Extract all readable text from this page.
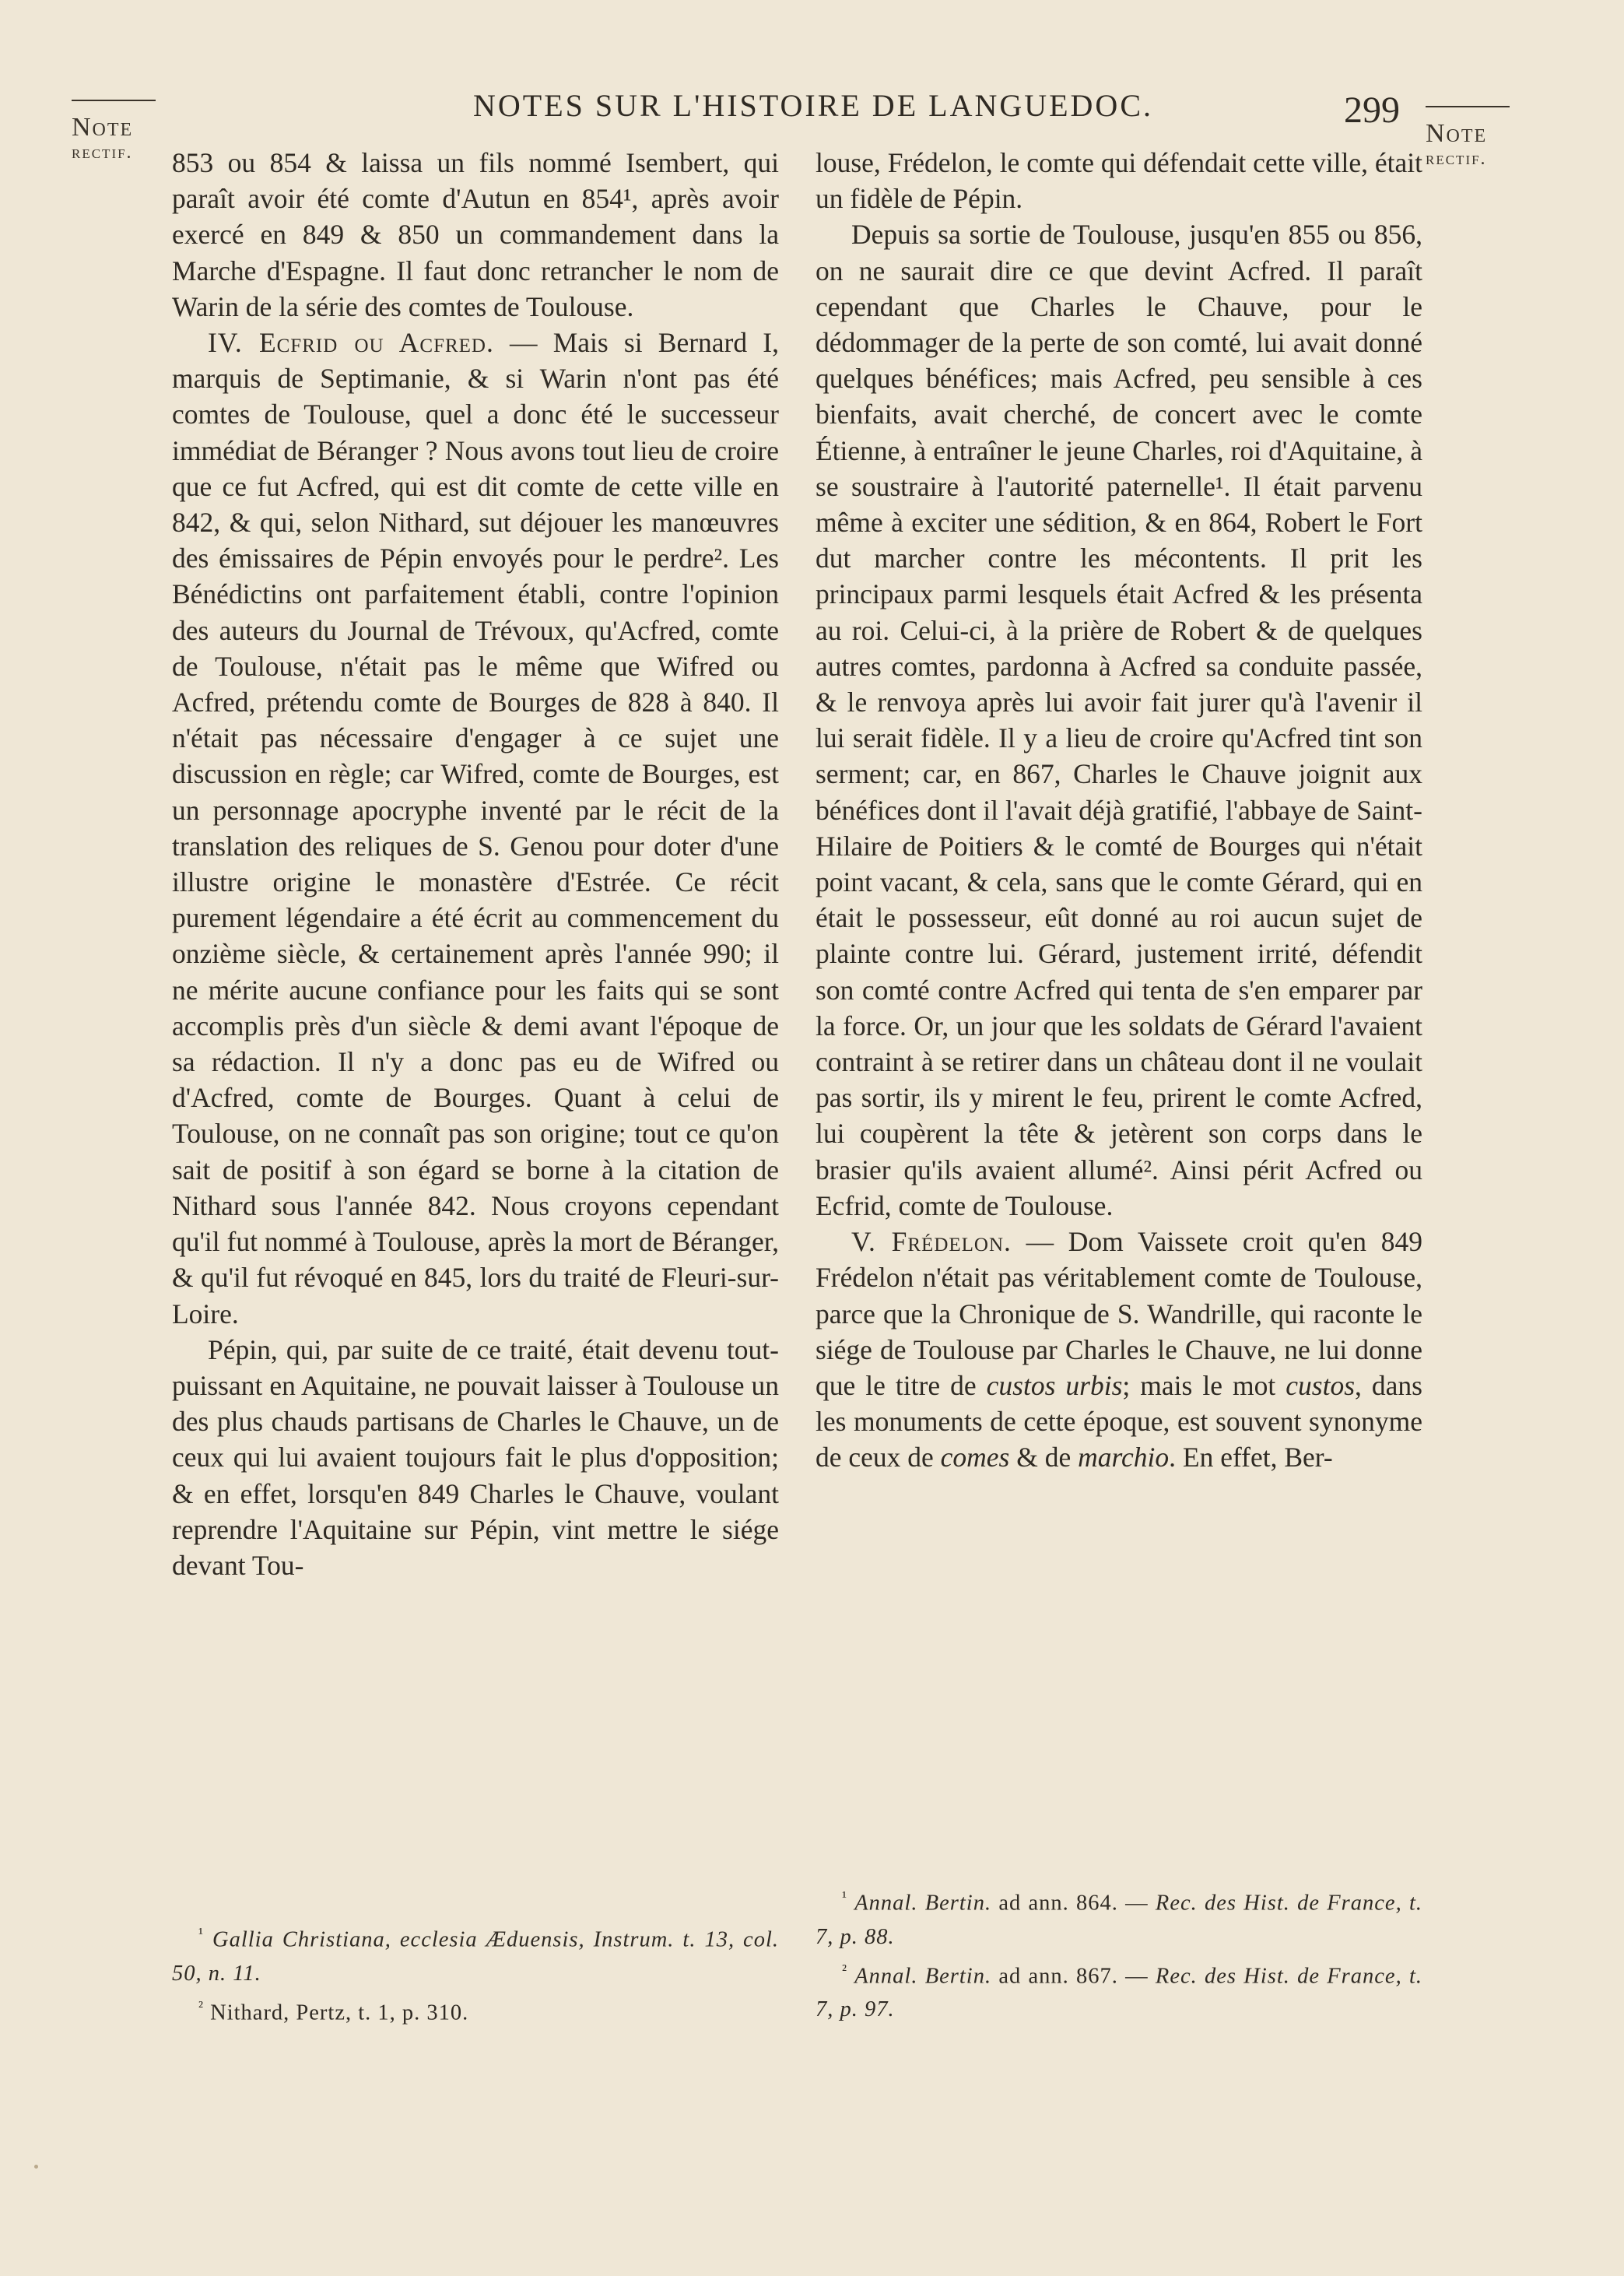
Note
rectif.
NOTES SUR L'HISTOIRE DE LANGUEDOC.	299
Note
rectif.

853 ou 854 & laissa un fils nommé Isembert, qui paraît avoir été comte d'Autun en 854¹, après avoir exercé en 849 & 850 un commandement dans la Marche d'Espagne. Il faut donc retrancher le nom de Warin de la série des comtes de Toulouse.

IV. Ecfrid ou Acfred. — Mais si Bernard I, marquis de Septimanie, & si Warin n'ont pas été comtes de Toulouse, quel a donc été le successeur immédiat de Béranger ? Nous avons tout lieu de croire que ce fut Acfred, qui est dit comte de cette ville en 842, & qui, selon Nithard, sut déjouer les manœuvres des émissaires de Pépin envoyés pour le perdre². Les Bénédictins ont parfaitement établi, contre l'opinion des auteurs du Journal de Trévoux, qu'Acfred, comte de Toulouse, n'était pas le même que Wifred ou Acfred, prétendu comte de Bourges de 828 à 840. Il n'était pas nécessaire d'engager à ce sujet une discussion en règle; car Wifred, comte de Bourges, est un personnage apocryphe inventé par le récit de la translation des reliques de S. Genou pour doter d'une illustre origine le monastère d'Estrée. Ce récit purement légendaire a été écrit au commencement du onzième siècle, & certainement après l'année 990; il ne mérite aucune confiance pour les faits qui se sont accomplis près d'un siècle & demi avant l'époque de sa rédaction. Il n'y a donc pas eu de Wifred ou d'Acfred, comte de Bourges. Quant à celui de Toulouse, on ne connaît pas son origine; tout ce qu'on sait de positif à son égard se borne à la citation de Nithard sous l'année 842. Nous croyons cependant qu'il fut nommé à Toulouse, après la mort de Béranger, & qu'il fut révoqué en 845, lors du traité de Fleuri-sur-Loire.

Pépin, qui, par suite de ce traité, était devenu tout-puissant en Aquitaine, ne pouvait laisser à Toulouse un des plus chauds partisans de Charles le Chauve, un de ceux qui lui avaient toujours fait le plus d'opposition; & en effet, lorsqu'en 849 Charles le Chauve, voulant reprendre l'Aquitaine sur Pépin, vint mettre le siége devant Tou-

louse, Frédelon, le comte qui défendait cette ville, était un fidèle de Pépin.

Depuis sa sortie de Toulouse, jusqu'en 855 ou 856, on ne saurait dire ce que devint Acfred. Il paraît cependant que Charles le Chauve, pour le dédommager de la perte de son comté, lui avait donné quelques bénéfices; mais Acfred, peu sensible à ces bienfaits, avait cherché, de concert avec le comte Étienne, à entraîner le jeune Charles, roi d'Aquitaine, à se soustraire à l'autorité paternelle¹. Il était parvenu même à exciter une sédition, & en 864, Robert le Fort dut marcher contre les mécontents. Il prit les principaux parmi lesquels était Acfred & les présenta au roi. Celui-ci, à la prière de Robert & de quelques autres comtes, pardonna à Acfred sa conduite passée, & le renvoya après lui avoir fait jurer qu'à l'avenir il lui serait fidèle. Il y a lieu de croire qu'Acfred tint son serment; car, en 867, Charles le Chauve joignit aux bénéfices dont il l'avait déjà gratifié, l'abbaye de Saint-Hilaire de Poitiers & le comté de Bourges qui n'était point vacant, & cela, sans que le comte Gérard, qui en était le possesseur, eût donné au roi aucun sujet de plainte contre lui. Gérard, justement irrité, défendit son comté contre Acfred qui tenta de s'en emparer par la force. Or, un jour que les soldats de Gérard l'avaient contraint à se retirer dans un château dont il ne voulait pas sortir, ils y mirent le feu, prirent le comte Acfred, lui coupèrent la tête & jetèrent son corps dans le brasier qu'ils avaient allumé². Ainsi périt Acfred ou Ecfrid, comte de Toulouse.

V. Frédelon. — Dom Vaissete croit qu'en 849 Frédelon n'était pas véritablement comte de Toulouse, parce que la Chronique de S. Wandrille, qui raconte le siége de Toulouse par Charles le Chauve, ne lui donne que le titre de custos urbis; mais le mot custos, dans les monuments de cette époque, est souvent synonyme de ceux de comes & de marchio. En effet, Ber-

$^{^1}$ Gallia Christiana, ecclesia Æduensis, Instrum. t. 13, col. 50, n. 11.

$^{^2}$ Nithard, Pertz, t. 1, p. 310.

$^{^1}$ Annal. Bertin. ad ann. 864. — Rec. des Hist. de France, t. 7, p. 88.

$^{^2}$ Annal. Bertin. ad ann. 867. — Rec. des Hist. de France, t. 7, p. 97.
